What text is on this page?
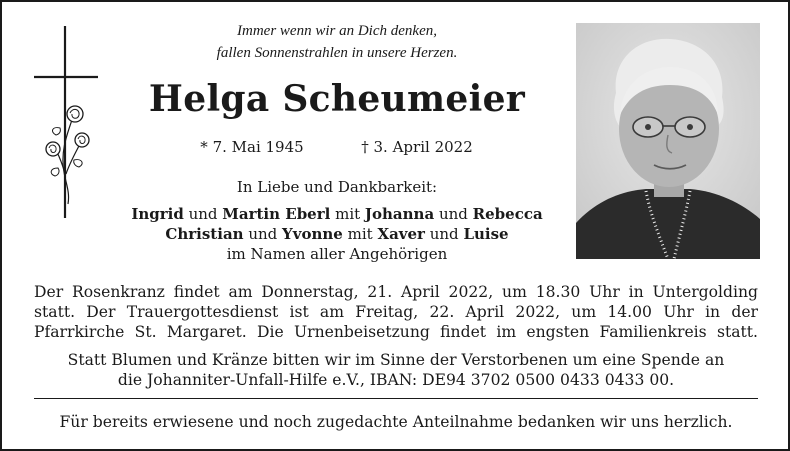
Immer wenn wir an Dich denken,
fallen Sonnenstrahlen in unsere Herzen.
Helga Scheumeier
* 7. Mai 1945	† 3. April 2022
In Liebe und Dankbarkeit:
Ingrid und Martin Eberl mit Johanna und Rebecca
Christian und Yvonne mit Xaver und Luise
im Namen aller Angehörigen
Der Rosenkranz findet am Donnerstag, 21. April 2022, um 18.30 Uhr in Untergolding
statt. Der Trauergottesdienst ist am Freitag, 22. April 2022, um 14.00 Uhr in der
Pfarrkirche St. Margaret. Die Urnenbeisetzung findet im engsten Familienkreis statt.
Statt Blumen und Kränze bitten wir im Sinne der Verstorbenen um eine Spende an
die Johanniter-Unfall-Hilfe e.V., IBAN: DE94 3702 0500 0433 0433 00.
Für bereits erwiesene und noch zugedachte Anteilnahme bedanken wir uns herzlich.
